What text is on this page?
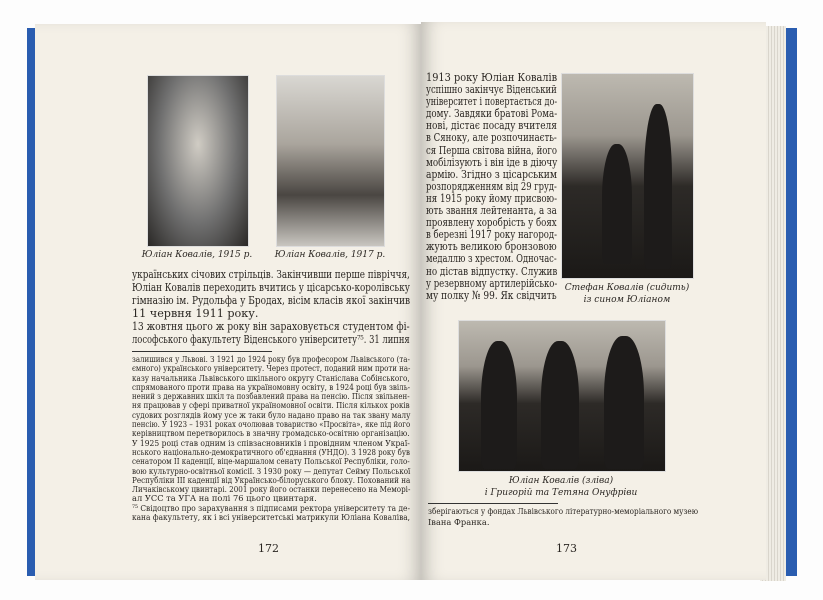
Юліан Ковалів, 1915 р.	Юліан Ковалів, 1917 р.
українських січових стрільців. Закінчивши перше півріччя,
Юліан Ковалів переходить вчитись у цісарсько-королівську
гімназію ім. Рудольфа у Бродах, вісім класів якої закінчив
11 червня 1911 року.
13 жовтня цього ж року він зараховується студентом фі-
лософського факультету Віденського університету⁷⁵. 31 липня
залишився у Львові. З 1921 до 1924 року був професором Львівського (та-
ємного) українського університету. Через протест, поданий ним проти на-
казу начальника Львівського шкільного округу Станіслава Собінського,
спрямованого проти права на україномовну освіту, в 1924 році був звіль-
нений з державних шкіл та позбавлений права на пенсію. Після звільнен-
ня працював у сфері приватної україномовної освіти. Після кількох років
судових розглядів йому усе ж таки було надано право на так звану малу
пенсію. У 1923 – 1931 роках очолював товариство «Просвіта», яке під його
керівництвом перетворилось в значну громадсько-освітню організацію.
У 1925 році став одним із співзасновників і провідним членом Украї-
нського національно-демократичного об'єднання (УНДО). З 1928 року був
сенатором II каденції, віце-маршалом сенату Польської Республіки, голо-
вою культурно-освітньої комісії. З 1930 року — депутат Сейму Польської
Республіки III каденції від Українсько-білоруського блоку. Похований на
Личаківському цвинтарі. 2001 року його останки перенесено на Меморі-
ал УСС та УГА на полі 76 цього цвинтаря.
⁷⁵ Свідоцтво про зарахування з підписами ректора університету та де-
кана факультету, як і всі університетські матрикули Юліана Коваліва,
172
1913 року Юліан Ковалів
успішно закінчує Віденський
університет і повертається до-
дому. Завдяки братові Рома-
нові, дістає посаду вчителя
в Сяноку, але розпочинаєть-
ся Перша світова війна, його
мобілізують і він іде в діючу
армію. Згідно з цісарським
розпорядженням від 29 груд-
ня 1915 року йому присвою-
ють звання лейтенанта, а за
проявлену хоробрість у боях
в березні 1917 року нагород-
жують великою бронзовою
медаллю з хрестом. Одночас-
но дістав відпустку. Служив
у резервному артилерійсько-
му полку № 99. Як свідчить
Стефан Ковалів (сидить)
із сином Юліаном
Юліан Ковалів (зліва)
і Григорій та Тетяна Онуфріви
зберігаються у фондах Львівського літературно-меморіального музею
Івана Франка.
173
